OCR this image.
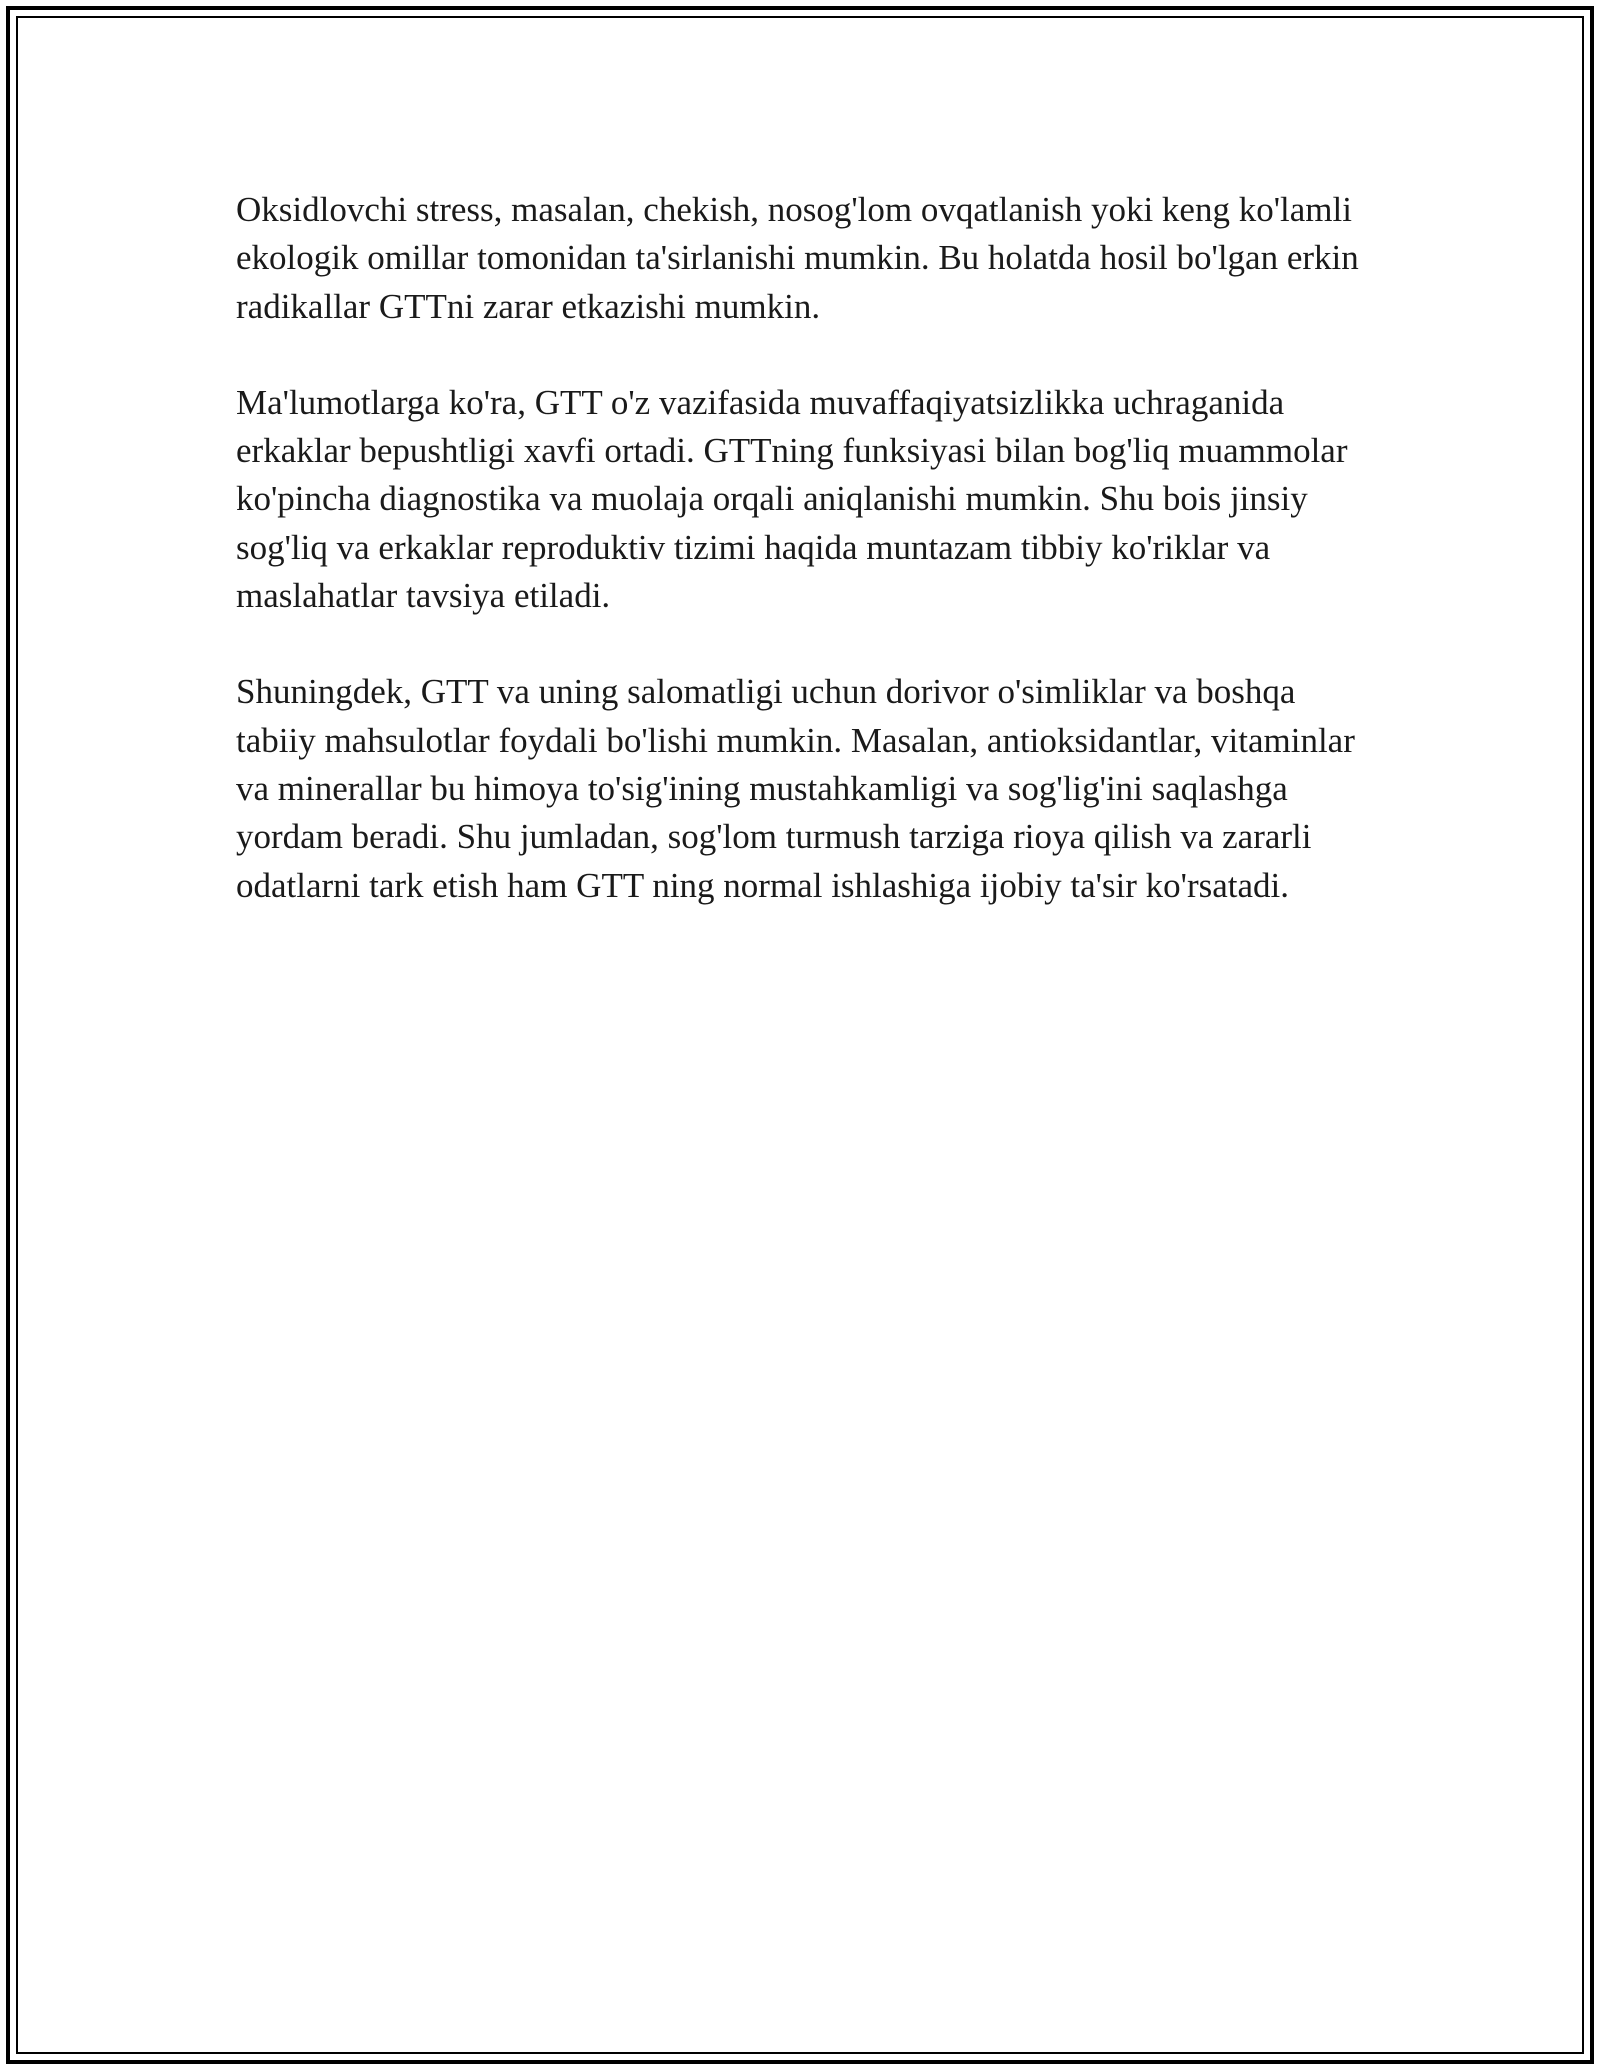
Oksidlovchi stress, masalan, chekish, nosog'lom ovqatlanish yoki keng ko'lamli ekologik omillar tomonidan ta'sirlanishi mumkin. Bu holatda hosil bo'lgan erkin radikallar GTTni zarar etkazishi mumkin.

Ma'lumotlarga ko'ra, GTT o'z vazifasida muvaffaqiyatsizlikka uchraganida erkaklar bepushtligi xavfi ortadi. GTTning funksiyasi bilan bog'liq muammolar ko'pincha diagnostika va muolaja orqali aniqlanishi mumkin. Shu bois jinsiy sog'liq va erkaklar reproduktiv tizimi haqida muntazam tibbiy ko'riklar va maslahatlar tavsiya etiladi.

Shuningdek, GTT va uning salomatligi uchun dorivor o'simliklar va boshqa tabiiy mahsulotlar foydali bo'lishi mumkin. Masalan, antioksidantlar, vitaminlar va minerallar bu himoya to'sig'ining mustahkamligi va sog'lig'ini saqlashga yordam beradi. Shu jumladan, sog'lom turmush tarziga rioya qilish va zararli odatlarni tark etish ham GTT ning normal ishlashiga ijobiy ta'sir ko'rsatadi.
